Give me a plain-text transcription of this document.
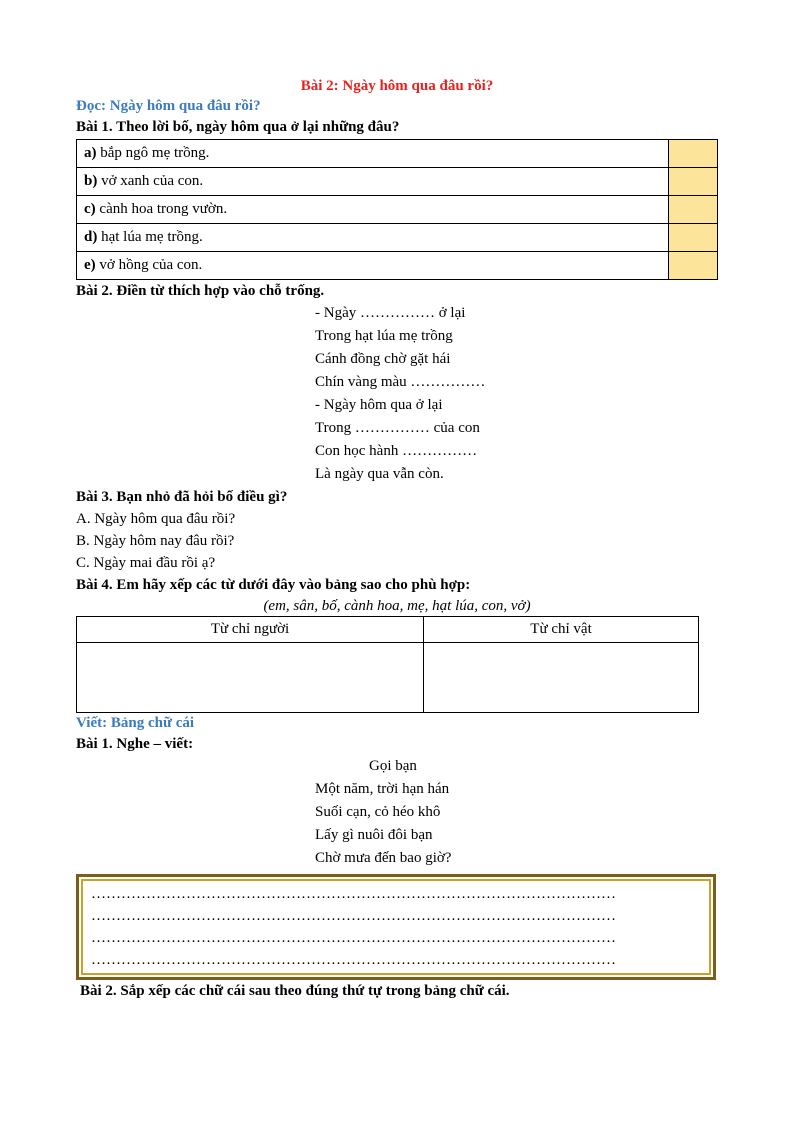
Bài 2: Ngày hôm qua đâu rồi?
Đọc: Ngày hôm qua đâu rồi?
Bài 1. Theo lời bố, ngày hôm qua ở lại những đâu?
a) bắp ngô mẹ trồng.	
b) vở xanh của con.	
c) cành hoa trong vườn.	
d) hạt lúa mẹ trồng.	
e) vở hồng của con.	
Bài 2. Điền từ thích hợp vào chỗ trống.
- Ngày …………… ở lại
Trong hạt lúa mẹ trồng
Cánh đồng chờ gặt hái
Chín vàng màu ……………
- Ngày hôm qua ở lại
Trong …………… của con
Con học hành ……………
Là ngày qua vẫn còn.
Bài 3. Bạn nhỏ đã hỏi bố điều gì?
A. Ngày hôm qua đâu rồi?
B. Ngày hôm nay đâu rồi?
C. Ngày mai đầu rồi ạ?
Bài 4. Em hãy xếp các từ dưới đây vào bảng sao cho phù hợp:
(em, sân, bố, cành hoa, mẹ, hạt lúa, con, vở)
Từ chỉ người	Từ chỉ vật

Viết: Bảng chữ cái
Bài 1. Nghe – viết:
Gọi bạn
Một năm, trời hạn hán
Suối cạn, cỏ héo khô
Lấy gì nuôi đôi bạn
Chờ mưa đến bao giờ?
……………………………………………………………………………………………
……………………………………………………………………………………………
……………………………………………………………………………………………
……………………………………………………………………………………………
Bài 2. Sắp xếp các chữ cái sau theo đúng thứ tự trong bảng chữ cái.
